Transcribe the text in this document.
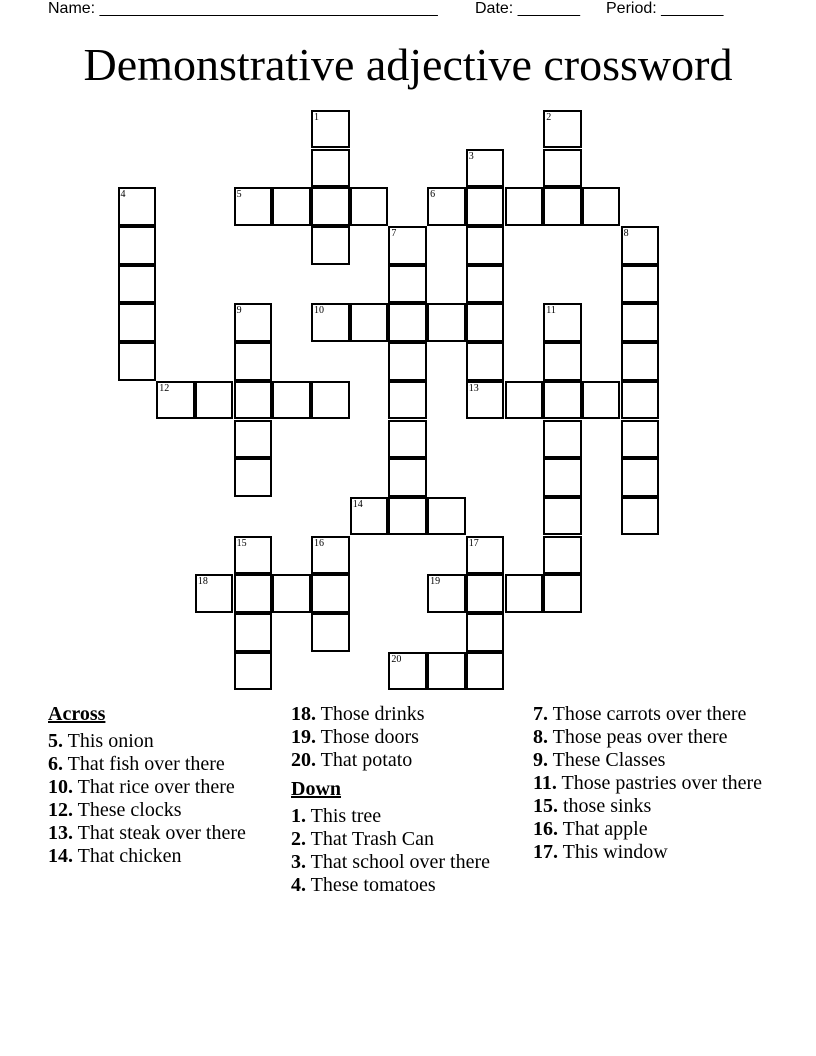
Name: ______________________________________ Date: _______ Period: _______
Demonstrative adjective crossword
1	2
3
4	5	6
7	8
9	10	11
12	13
14
15	16	17
18	19
20
Across
5. This onion
6. That fish over there
10. That rice over there
12. These clocks
13. That steak over there
14. That chicken
18. Those drinks
19. Those doors
20. That potato
Down
1. This tree
2. That Trash Can
3. That school over there
4. These tomatoes
7. Those carrots over there
8. Those peas over there
9. These Classes
11. Those pastries over there
15. those sinks
16. That apple
17. This window
